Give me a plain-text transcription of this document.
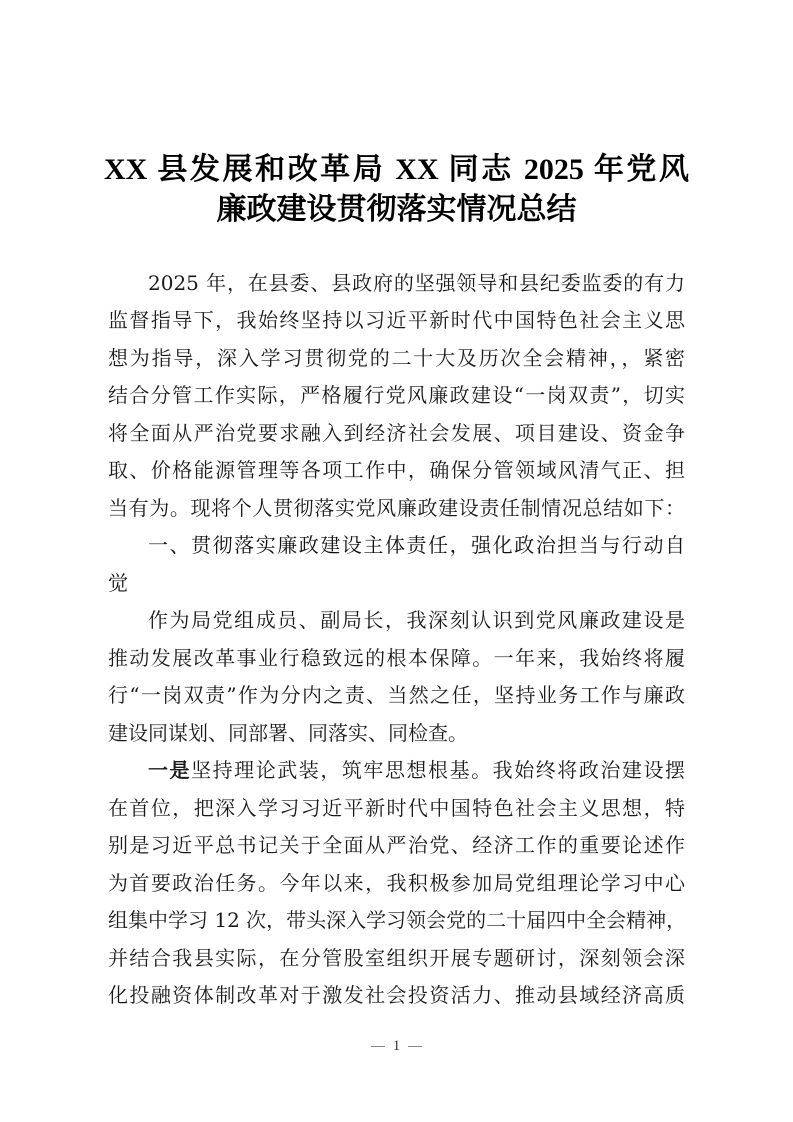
XX 县发展和改革局 XX 同志 2025 年党风
廉政建设贯彻落实情况总结
2025 年，在县委、县政府的坚强领导和县纪委监委的有力
监督指导下，我始终坚持以习近平新时代中国特色社会主义思
想为指导，深入学习贯彻党的二十大及历次全会精神，，紧密
结合分管工作实际，严格履行党风廉政建设“一岗双责”，切实
将全面从严治党要求融入到经济社会发展、项目建设、资金争
取、价格能源管理等各项工作中，确保分管领域风清气正、担
当有为。现将个人贯彻落实党风廉政建设责任制情况总结如下：
一、贯彻落实廉政建设主体责任，强化政治担当与行动自
觉
作为局党组成员、副局长，我深刻认识到党风廉政建设是
推动发展改革事业行稳致远的根本保障。一年来，我始终将履
行“一岗双责”作为分内之责、当然之任，坚持业务工作与廉政
建设同谋划、同部署、同落实、同检查。
一是坚持理论武装，筑牢思想根基。我始终将政治建设摆
在首位，把深入学习习近平新时代中国特色社会主义思想，特
别是习近平总书记关于全面从严治党、经济工作的重要论述作
为首要政治任务。今年以来，我积极参加局党组理论学习中心
组集中学习 12 次，带头深入学习领会党的二十届四中全会精神，
并结合我县实际，在分管股室组织开展专题研讨，深刻领会深
化投融资体制改革对于激发社会投资活力、推动县域经济高质
1
